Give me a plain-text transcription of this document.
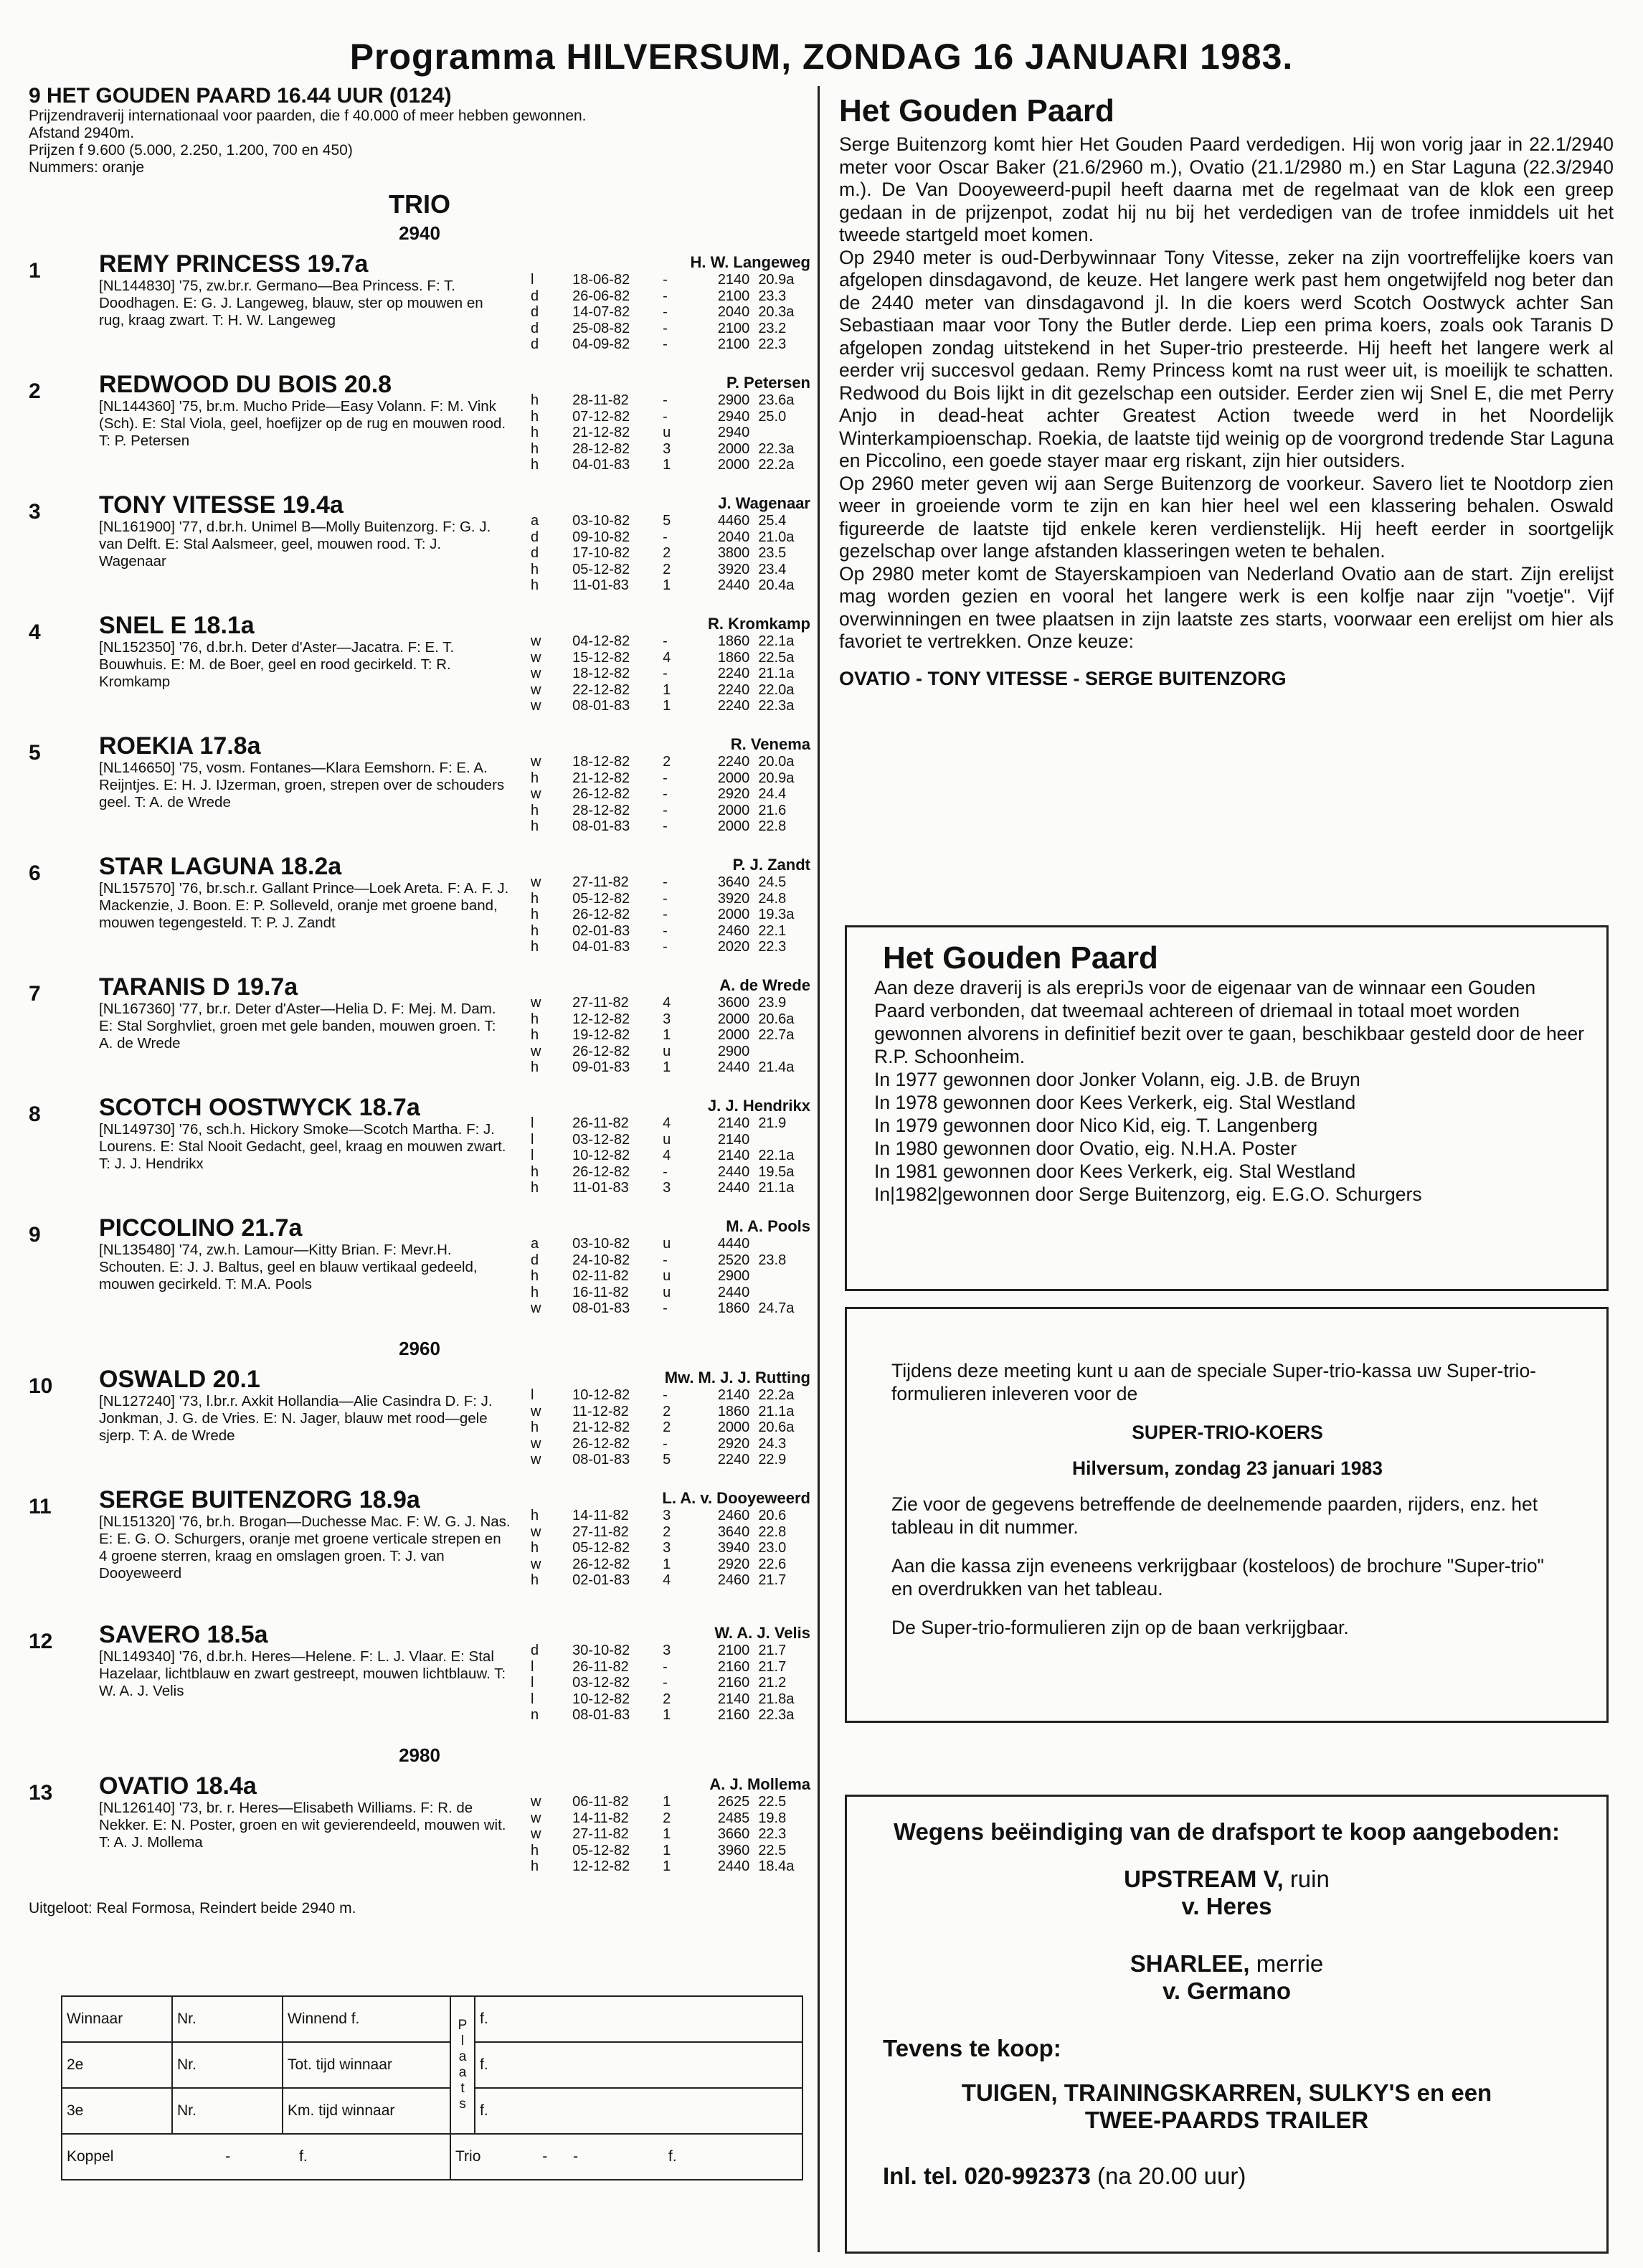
Programma HILVERSUM, ZONDAG 16 JANUARI 1983.
9 HET GOUDEN PAARD 16.44 UUR (0124)
Prijzendraverij internationaal voor paarden, die f 40.000 of meer hebben gewonnen.
Afstand 2940m.
Prijzen f 9.600 (5.000, 2.250, 1.200, 700 en 450)
Nummers: oranje
TRIO
2940
1	REMY PRINCESS 19.7a	H. W. Langeweg
[NL144830] '75, zw.br.r. Germano—Bea Princess. F: T. Doodhagen. E: G. J. Langeweg, blauw, ster op mouwen en rug, kraag zwart. T: H. W. Langeweg
l	18-06-82	-	2140 20.9a
d	26-06-82	-	2100 23.3
d	14-07-82	-	2040 20.3a
d	25-08-82	-	2100 23.2
d	04-09-82	-	2100 22.3
2	REDWOOD DU BOIS 20.8	P. Petersen
[NL144360] '75, br.m. Mucho Pride—Easy Volann. F: M. Vink (Sch). E: Stal Viola, geel, hoefijzer op de rug en mouwen rood. T: P. Petersen
h	28-11-82	-	2900 23.6a
h	07-12-82	-	2940 25.0
h	21-12-82	u	2940
h	28-12-82	3	2000 22.3a
h	04-01-83	1	2000 22.2a
3	TONY VITESSE 19.4a	J. Wagenaar
[NL161900] '77, d.br.h. Unimel B—Molly Buitenzorg. F: G. J. van Delft. E: Stal Aalsmeer, geel, mouwen rood. T: J. Wagenaar
a	03-10-82	5	4460 25.4
d	09-10-82	-	2040 21.0a
d	17-10-82	2	3800 23.5
h	05-12-82	2	3920 23.4
h	11-01-83	1	2440 20.4a
4	SNEL E 18.1a	R. Kromkamp
[NL152350] '76, d.br.h. Deter d'Aster—Jacatra. F: E. T. Bouwhuis. E: M. de Boer, geel en rood gecirkeld. T: R. Kromkamp
w	04-12-82	-	1860 22.1a
w	15-12-82	4	1860 22.5a
w	18-12-82	-	2240 21.1a
w	22-12-82	1	2240 22.0a
w	08-01-83	1	2240 22.3a
5	ROEKIA 17.8a	R. Venema
[NL146650] '75, vosm. Fontanes—Klara Eemshorn. F: E. A. Reijntjes. E: H. J. IJzerman, groen, strepen over de schouders geel. T: A. de Wrede
w	18-12-82	2	2240 20.0a
h	21-12-82	-	2000 20.9a
w	26-12-82	-	2920 24.4
h	28-12-82	-	2000 21.6
h	08-01-83	-	2000 22.8
6	STAR LAGUNA 18.2a	P. J. Zandt
[NL157570] '76, br.sch.r. Gallant Prince—Loek Areta. F: A. F. J. Mackenzie, J. Boon. E: P. Solleveld, oranje met groene band, mouwen tegengesteld. T: P. J. Zandt
w	27-11-82	-	3640 24.5
h	05-12-82	-	3920 24.8
h	26-12-82	-	2000 19.3a
h	02-01-83	-	2460 22.1
h	04-01-83	-	2020 22.3
7	TARANIS D 19.7a	A. de Wrede
[NL167360] '77, br.r. Deter d'Aster—Helia D. F: Mej. M. Dam. E: Stal Sorghvliet, groen met gele banden, mouwen groen. T: A. de Wrede
w	27-11-82	4	3600 23.9
h	12-12-82	3	2000 20.6a
h	19-12-82	1	2000 22.7a
w	26-12-82	u	2900
h	09-01-83	1	2440 21.4a
8	SCOTCH OOSTWYCK 18.7a	J. J. Hendrikx
[NL149730] '76, sch.h. Hickory Smoke—Scotch Martha. F: J. Lourens. E: Stal Nooit Gedacht, geel, kraag en mouwen zwart. T: J. J. Hendrikx
l	26-11-82	4	2140 21.9
l	03-12-82	u	2140
l	10-12-82	4	2140 22.1a
h	26-12-82	-	2440 19.5a
h	11-01-83	3	2440 21.1a
9	PICCOLINO 21.7a	M. A. Pools
[NL135480] '74, zw.h. Lamour—Kitty Brian. F: Mevr.H. Schouten. E: J. J. Baltus, geel en blauw vertikaal gedeeld, mouwen gecirkeld. T: M.A. Pools
a	03-10-82	u	4440
d	24-10-82	-	2520 23.8
h	02-11-82	u	2900
h	16-11-82	u	2440
w	08-01-83	-	1860 24.7a
2960
10	OSWALD 20.1	Mw. M. J. J. Rutting
[NL127240] '73, l.br.r. Axkit Hollandia—Alie Casindra D. F: J. Jonkman, J. G. de Vries. E: N. Jager, blauw met rood—gele sjerp. T: A. de Wrede
l	10-12-82	-	2140 22.2a
w	11-12-82	2	1860 21.1a
h	21-12-82	2	2000 20.6a
w	26-12-82	-	2920 24.3
w	08-01-83	5	2240 22.9
11	SERGE BUITENZORG 18.9a	L. A. v. Dooyeweerd
[NL151320] '76, br.h. Brogan—Duchesse Mac. F: W. G. J. Nas. E: E. G. O. Schurgers, oranje met groene verticale strepen en 4 groene sterren, kraag en omslagen groen. T: J. van Dooyeweerd
h	14-11-82	3	2460 20.6
w	27-11-82	2	3640 22.8
h	05-12-82	3	3940 23.0
w	26-12-82	1	2920 22.6
h	02-01-83	4	2460 21.7
12	SAVERO 18.5a	W. A. J. Velis
[NL149340] '76, d.br.h. Heres—Helene. F: L. J. Vlaar. E: Stal Hazelaar, lichtblauw en zwart gestreept, mouwen lichtblauw. T: W. A. J. Velis
d	30-10-82	3	2100 21.7
l	26-11-82	-	2160 21.7
l	03-12-82	-	2160 21.2
l	10-12-82	2	2140 21.8a
n	08-01-83	1	2160 22.3a
2980
13	OVATIO 18.4a	A. J. Mollema
[NL126140] '73, br. r. Heres—Elisabeth Williams. F: R. de Nekker. E: N. Poster, groen en wit gevierendeeld, mouwen wit. T: A. J. Mollema
w	06-11-82	1	2625 22.5
w	14-11-82	2	2485 19.8
w	27-11-82	1	3660 22.3
h	05-12-82	1	3960 22.5
h	12-12-82	1	2440 18.4a
Uitgeloot: Real Formosa, Reindert beide 2940 m.
Winnaar	Nr.	Winnend f.	P l a a t s	f.
2e	Nr.	Tot. tijd winnaar		f.
3e	Nr.	Km. tijd winnaar		f.
Koppel - f.			Trio - - f.	
Het Gouden Paard
Serge Buitenzorg komt hier Het Gouden Paard verdedigen. Hij won vorig jaar in 22.1/2940 meter voor Oscar Baker (21.6/2960 m.), Ovatio (21.1/2980 m.) en Star Laguna (22.3/2940 m.). De Van Dooyeweerd-pupil heeft daarna met de regelmaat van de klok een greep gedaan in de prijzenpot, zodat hij nu bij het verdedigen van de trofee inmiddels uit het tweede startgeld moet komen.
Op 2940 meter is oud-Derbywinnaar Tony Vitesse, zeker na zijn voortreffelijke koers van afgelopen dinsdagavond, de keuze. Het langere werk past hem ongetwijfeld nog beter dan de 2440 meter van dinsdagavond jl. In die koers werd Scotch Oostwyck achter San Sebastiaan maar voor Tony the Butler derde. Liep een prima koers, zoals ook Taranis D afgelopen zondag uitstekend in het Super-trio presteerde. Hij heeft het langere werk al eerder vrij succesvol gedaan. Remy Princess komt na rust weer uit, is moeilijk te schatten. Redwood du Bois lijkt in dit gezelschap een outsider. Eerder zien wij Snel E, die met Perry Anjo in dead-heat achter Greatest Action tweede werd in het Noordelijk Winterkampioenschap. Roekia, de laatste tijd weinig op de voorgrond tredende Star Laguna en Piccolino, een goede stayer maar erg riskant, zijn hier outsiders.
Op 2960 meter geven wij aan Serge Buitenzorg de voorkeur. Savero liet te Nootdorp zien weer in groeiende vorm te zijn en kan hier heel wel een klassering behalen. Oswald figureerde de laatste tijd enkele keren verdienstelijk. Hij heeft eerder in soortgelijk gezelschap over lange afstanden klasseringen weten te behalen.
Op 2980 meter komt de Stayerskampioen van Nederland Ovatio aan de start. Zijn erelijst mag worden gezien en vooral het langere werk is een kolfje naar zijn "voetje". Vijf overwinningen en twee plaatsen in zijn laatste zes starts, voorwaar een erelijst om hier als favoriet te vertrekken. Onze keuze:
OVATIO - TONY VITESSE - SERGE BUITENZORG
Het Gouden Paard
Aan deze draverij is als erepriJs voor de eigenaar van de winnaar een Gouden Paard verbonden, dat tweemaal achtereen of driemaal in totaal moet worden gewonnen alvorens in definitief bezit over te gaan, beschikbaar gesteld door de heer R.P. Schoonheim.
In 1977 gewonnen door Jonker Volann, eig. J.B. de Bruyn
In 1978 gewonnen door Kees Verkerk, eig. Stal Westland
In 1979 gewonnen door Nico Kid, eig. T. Langenberg
In 1980 gewonnen door Ovatio, eig. N.H.A. Poster
In 1981 gewonnen door Kees Verkerk, eig. Stal Westland
In|1982|gewonnen door Serge Buitenzorg, eig. E.G.O. Schurgers

Tijdens deze meeting kunt u aan de speciale Super-trio-kassa uw Super-trio-formulieren inleveren voor de

SUPER-TRIO-KOERS
Hilversum, zondag 23 januari 1983

Zie voor de gegevens betreffende de deelnemende paarden, rijders, enz. het tableau in dit nummer.

Aan die kassa zijn eveneens verkrijgbaar (kosteloos) de brochure "Super-trio" en overdrukken van het tableau.

De Super-trio-formulieren zijn op de baan verkrijgbaar.

Wegens beëindiging van de drafsport te koop aangeboden:
UPSTREAM V, ruin
v. Heres
SHARLEE, merrie
v. Germano
Tevens te koop:
TUIGEN, TRAININGSKARREN, SULKY'S en een TWEE-PAARDS TRAILER
Inl. tel. 020-992373 (na 20.00 uur)
